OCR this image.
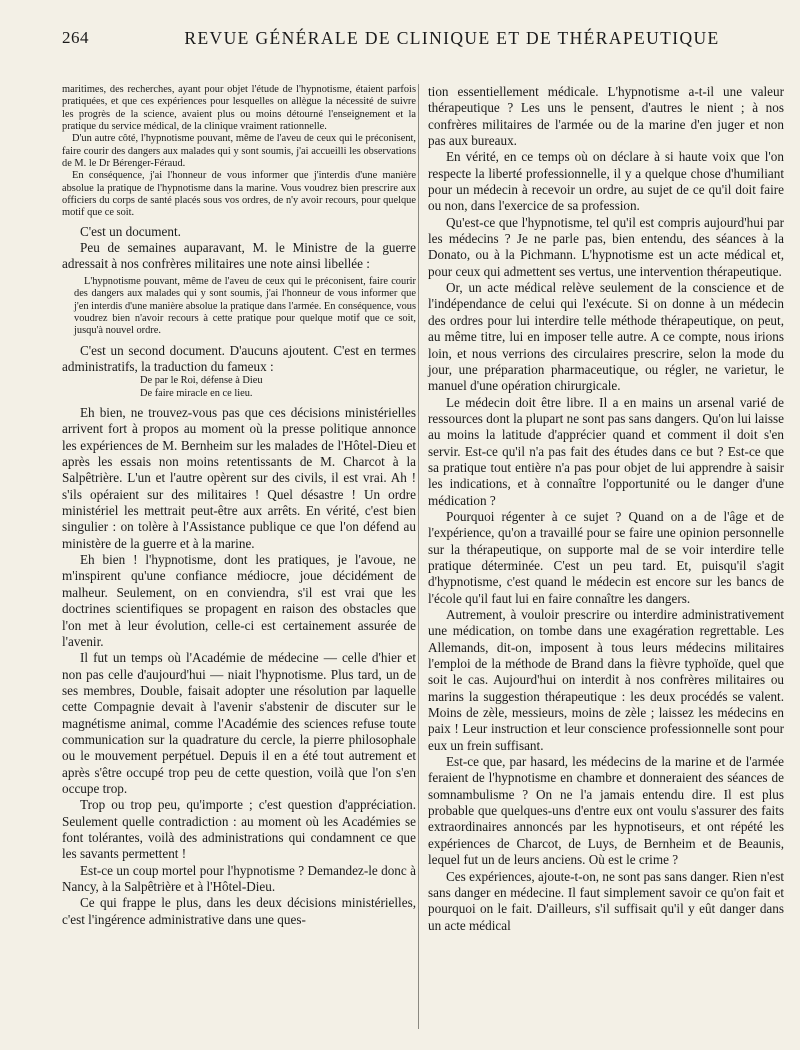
264	REVUE GÉNÉRALE DE CLINIQUE ET DE THÉRAPEUTIQUE

maritimes, des recherches, ayant pour objet l'étude de l'hypnotisme, étaient parfois pratiquées, et que ces expériences pour lesquelles on allègue la nécessité de suivre les progrès de la science, avaient plus ou moins détourné l'enseignement et la pratique du service médical, de la clinique vraiment rationnelle.

D'un autre côté, l'hypnotisme pouvant, même de l'aveu de ceux qui le préconisent, faire courir des dangers aux malades qui y sont soumis, j'ai accueilli les observations de M. le Dr Bérenger-Féraud.

En conséquence, j'ai l'honneur de vous informer que j'interdis d'une manière absolue la pratique de l'hypnotisme dans la marine. Vous voudrez bien prescrire aux officiers du corps de santé placés sous vos ordres, de n'y avoir recours, pour quelque motif que ce soit.

C'est un document.

Peu de semaines auparavant, M. le Ministre de la guerre adressait à nos confrères militaires une note ainsi libellée :

L'hypnotisme pouvant, même de l'aveu de ceux qui le préconisent, faire courir des dangers aux malades qui y sont soumis, j'ai l'honneur de vous informer que j'en interdis d'une manière absolue la pratique dans l'armée. En conséquence, vous voudrez bien n'avoir recours à cette pratique pour quelque motif que ce soit, jusqu'à nouvel ordre.

C'est un second document. D'aucuns ajoutent. C'est en termes administratifs, la traduction du fameux :

De par le Roi, défense à Dieu

De faire miracle en ce lieu.

Eh bien, ne trouvez-vous pas que ces décisions ministérielles arrivent fort à propos au moment où la presse politique annonce les expériences de M. Bernheim sur les malades de l'Hôtel-Dieu et après les essais non moins retentissants de M. Charcot à la Salpêtrière. L'un et l'autre opèrent sur des civils, il est vrai. Ah ! s'ils opéraient sur des militaires ! Quel désastre ! Un ordre ministériel les mettrait peut-être aux arrêts. En vérité, c'est bien singulier : on tolère à l'Assistance publique ce que l'on défend au ministère de la guerre et à la marine.

Eh bien ! l'hypnotisme, dont les pratiques, je l'avoue, ne m'inspirent qu'une confiance médiocre, joue décidément de malheur. Seulement, on en conviendra, s'il est vrai que les doctrines scientifiques se propagent en raison des obstacles que l'on met à leur évolution, celle-ci est certainement assurée de l'avenir.

Il fut un temps où l'Académie de médecine — celle d'hier et non pas celle d'aujourd'hui — niait l'hypnotisme. Plus tard, un de ses membres, Double, faisait adopter une résolution par laquelle cette Compagnie devait à l'avenir s'abstenir de discuter sur le magnétisme animal, comme l'Académie des sciences refuse toute communication sur la quadrature du cercle, la pierre philosophale ou le mouvement perpétuel. Depuis il en a été tout autrement et après s'être occupé trop peu de cette question, voilà que l'on s'en occupe trop.

Trop ou trop peu, qu'importe ; c'est question d'appréciation. Seulement quelle contradiction : au moment où les Académies se font tolérantes, voilà des administrations qui condamnent ce que les savants permettent !

Est-ce un coup mortel pour l'hypnotisme ? Demandez-le donc à Nancy, à la Salpêtrière et à l'Hôtel-Dieu.

Ce qui frappe le plus, dans les deux décisions ministérielles, c'est l'ingérence administrative dans une ques-

tion essentiellement médicale. L'hypnotisme a-t-il une valeur thérapeutique ? Les uns le pensent, d'autres le nient ; à nos confrères militaires de l'armée ou de la marine d'en juger et non pas aux bureaux.

En vérité, en ce temps où on déclare à si haute voix que l'on respecte la liberté professionnelle, il y a quelque chose d'humiliant pour un médecin à recevoir un ordre, au sujet de ce qu'il doit faire ou non, dans l'exercice de sa profession.

Qu'est-ce que l'hypnotisme, tel qu'il est compris aujourd'hui par les médecins ? Je ne parle pas, bien entendu, des séances à la Donato, ou à la Pichmann. L'hypnotisme est un acte médical et, pour ceux qui admettent ses vertus, une intervention thérapeutique.

Or, un acte médical relève seulement de la conscience et de l'indépendance de celui qui l'exécute. Si on donne à un médecin des ordres pour lui interdire telle méthode thérapeutique, on peut, au même titre, lui en imposer telle autre. A ce compte, nous irions loin, et nous verrions des circulaires prescrire, selon la mode du jour, une préparation pharmaceutique, ou régler, ne varietur, le manuel d'une opération chirurgicale.

Le médecin doit être libre. Il a en mains un arsenal varié de ressources dont la plupart ne sont pas sans dangers. Qu'on lui laisse au moins la latitude d'apprécier quand et comment il doit s'en servir. Est-ce qu'il n'a pas fait des études dans ce but ? Est-ce que sa pratique tout entière n'a pas pour objet de lui apprendre à saisir les indications, et à connaître l'opportunité ou le danger d'une médication ?

Pourquoi régenter à ce sujet ? Quand on a de l'âge et de l'expérience, qu'on a travaillé pour se faire une opinion personnelle sur la thérapeutique, on supporte mal de se voir interdire telle pratique déterminée. C'est un peu tard. Et, puisqu'il s'agit d'hypnotisme, c'est quand le médecin est encore sur les bancs de l'école qu'il faut lui en faire connaître les dangers.

Autrement, à vouloir prescrire ou interdire administrativement une médication, on tombe dans une exagération regrettable. Les Allemands, dit-on, imposent à tous leurs médecins militaires l'emploi de la méthode de Brand dans la fièvre typhoïde, quel que soit le cas. Aujourd'hui on interdit à nos confrères militaires ou marins la suggestion thérapeutique : les deux procédés se valent. Moins de zèle, messieurs, moins de zèle ; laissez les médecins en paix ! Leur instruction et leur conscience professionnelle sont pour eux un frein suffisant.

Est-ce que, par hasard, les médecins de la marine et de l'armée feraient de l'hypnotisme en chambre et donneraient des séances de somnambulisme ? On ne l'a jamais entendu dire. Il est plus probable que quelques-uns d'entre eux ont voulu s'assurer des faits extraordinaires annoncés par les hypnotiseurs, et ont répété les expériences de Charcot, de Luys, de Bernheim et de Beaunis, lequel fut un de leurs anciens. Où est le crime ?

Ces expériences, ajoute-t-on, ne sont pas sans danger. Rien n'est sans danger en médecine. Il faut simplement savoir ce qu'on fait et pourquoi on le fait. D'ailleurs, s'il suffisait qu'il y eût danger dans un acte médical
